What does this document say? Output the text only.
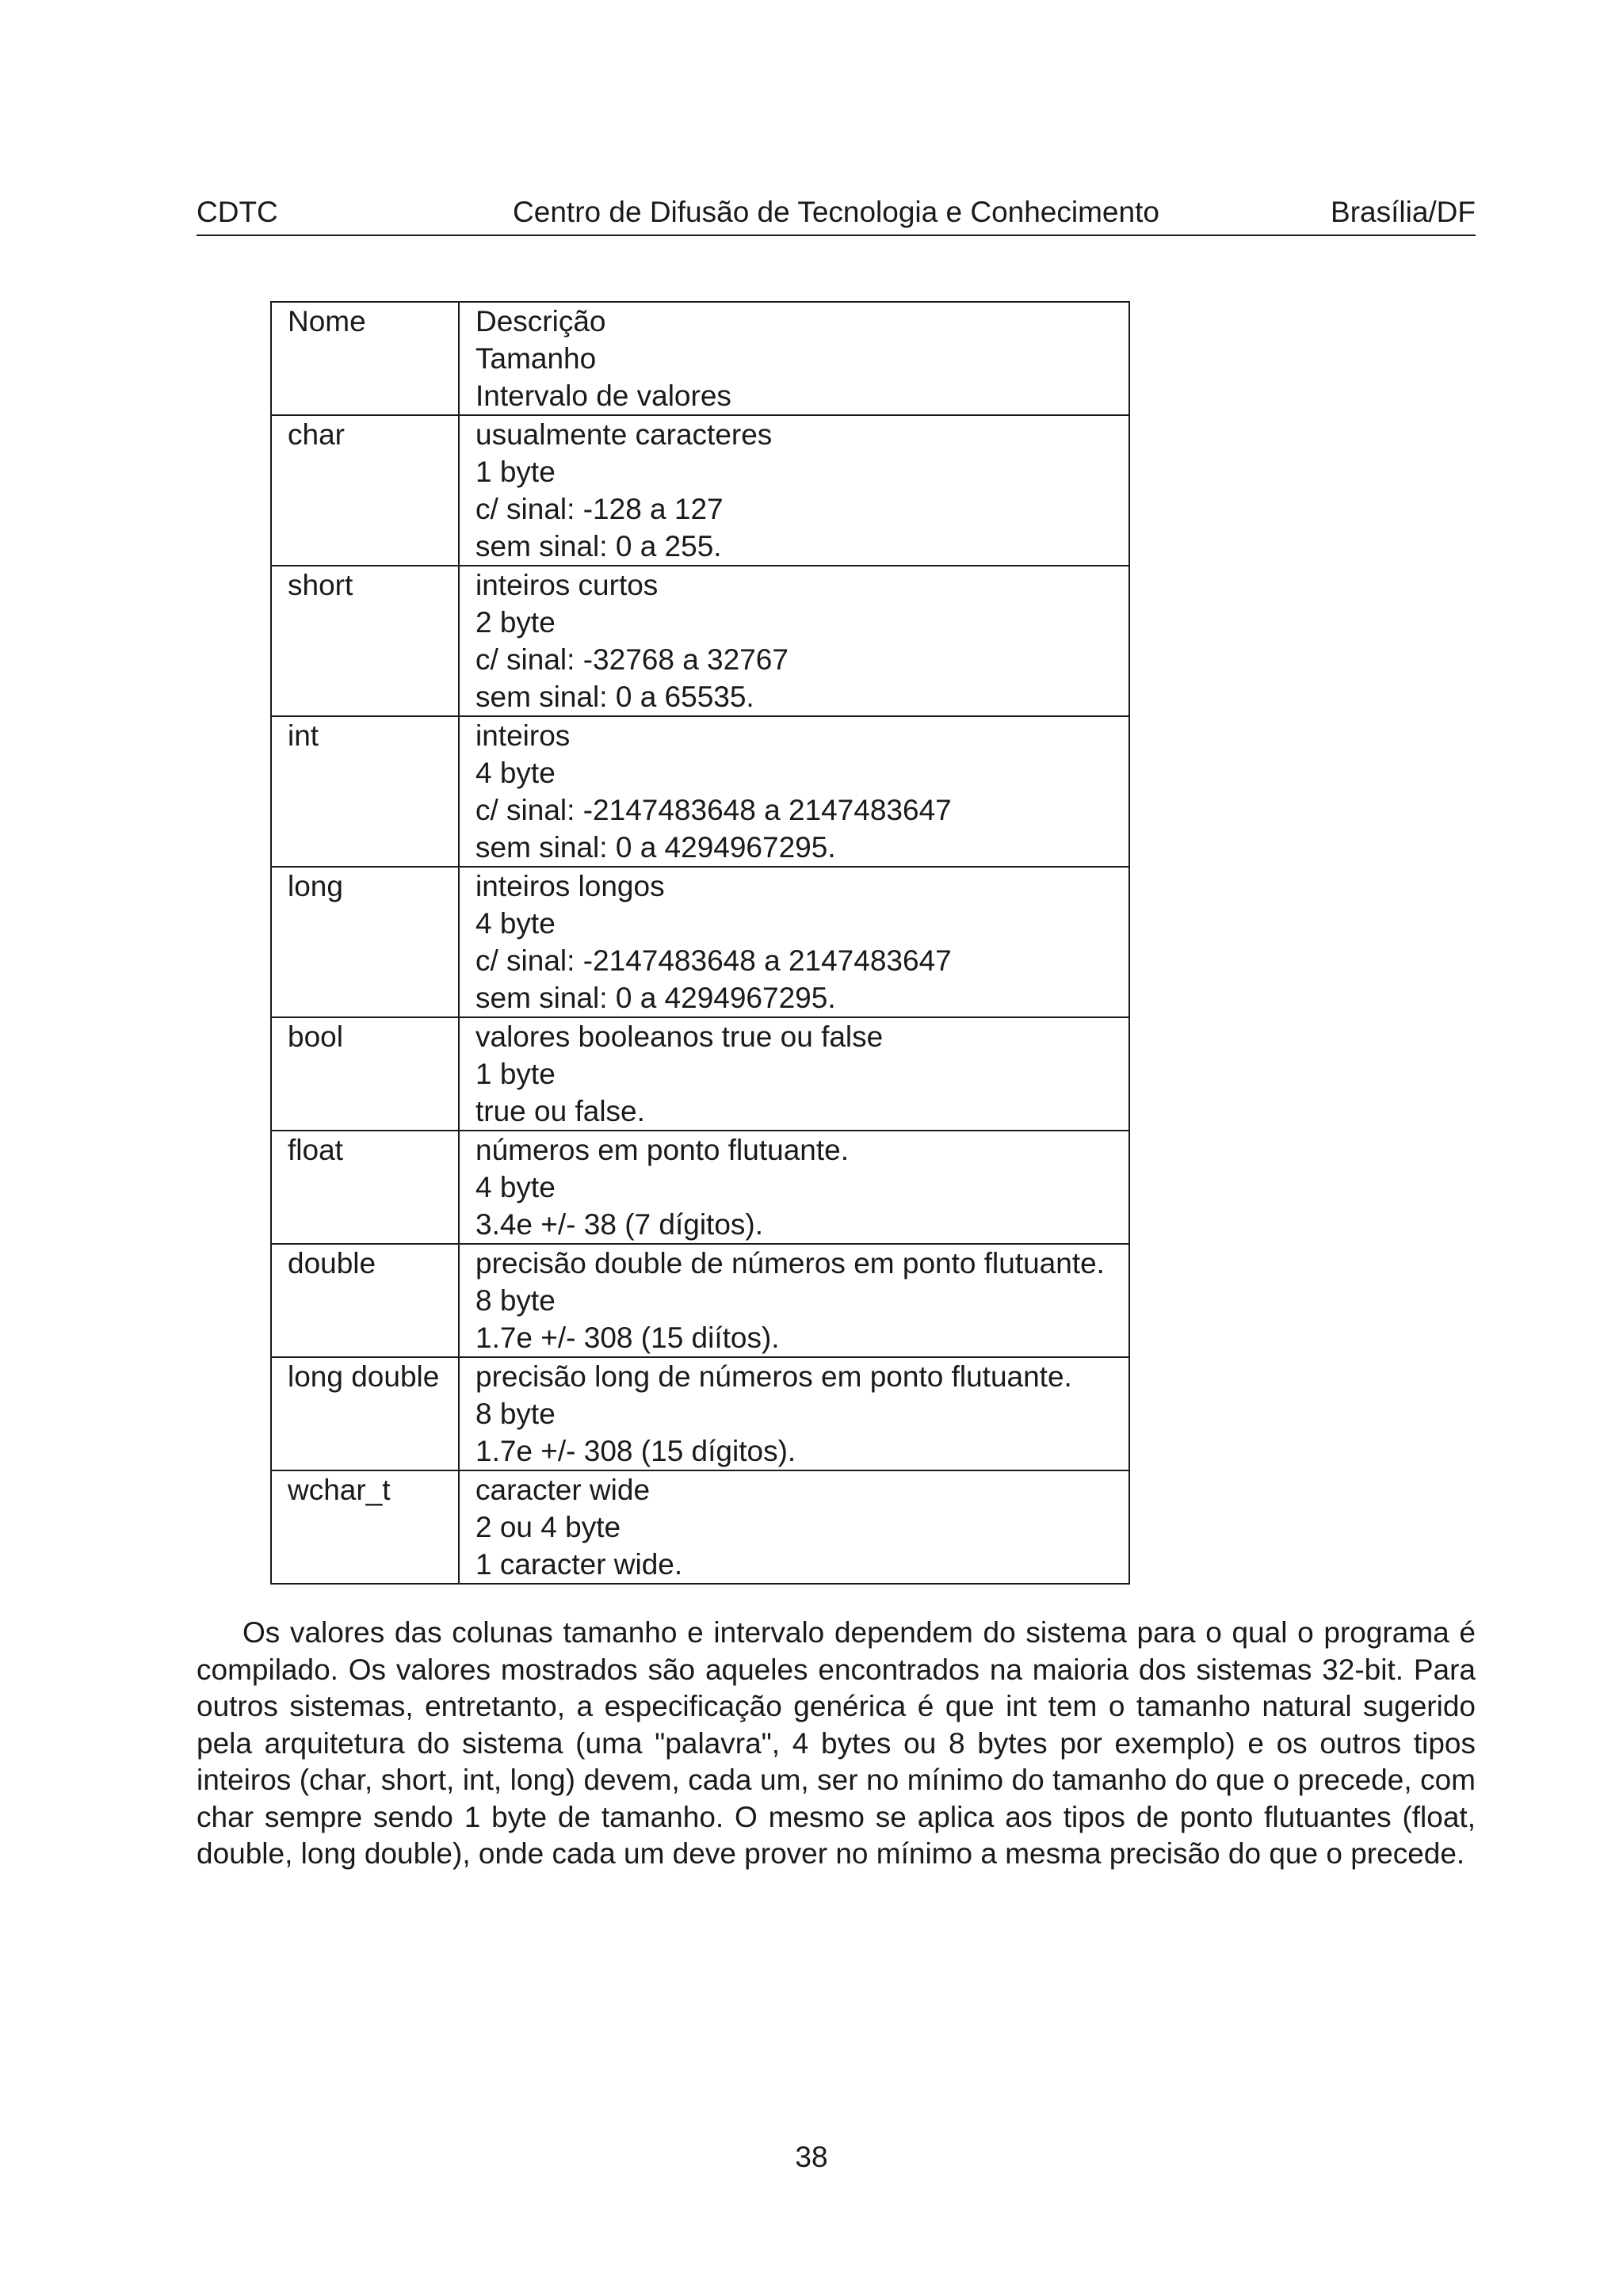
CDTC	Centro de Difusão de Tecnologia e Conhecimento	Brasília/DF
Nome	Descrição
Tamanho
Intervalo de valores

char	usualmente caracteres
1 byte
c/ sinal: -128 a 127
sem sinal: 0 a 255.

short	inteiros curtos
2 byte
c/ sinal: -32768 a 32767
sem sinal: 0 a 65535.

int	inteiros
4 byte
c/ sinal: -2147483648 a 2147483647
sem sinal: 0 a 4294967295.

long	inteiros longos
4 byte
c/ sinal: -2147483648 a 2147483647
sem sinal: 0 a 4294967295.

bool	valores booleanos true ou false
1 byte
true ou false.

float	números em ponto flutuante.
4 byte
3.4e +/- 38 (7 dígitos).

double	precisão double de números em ponto flutuante.
8 byte
1.7e +/- 308 (15 diítos).

long double	precisão long de números em ponto flutuante.
8 byte
1.7e +/- 308 (15 dígitos).

wchar_t	caracter wide
2 ou 4 byte
1 caracter wide.

Os valores das colunas tamanho e intervalo dependem do sistema para o qual o programa é compilado. Os valores mostrados são aqueles encontrados na maioria dos sistemas 32-bit. Para outros sistemas, entretanto, a especificação genérica é que int tem o tamanho natural sugerido pela arquitetura do sistema (uma "palavra", 4 bytes ou 8 bytes por exemplo) e os outros tipos inteiros (char, short, int, long) devem, cada um, ser no mínimo do tamanho do que o precede, com char sempre sendo 1 byte de tamanho. O mesmo se aplica aos tipos de ponto flutuantes (float, double, long double), onde cada um deve prover no mínimo a mesma precisão do que o precede.

38
